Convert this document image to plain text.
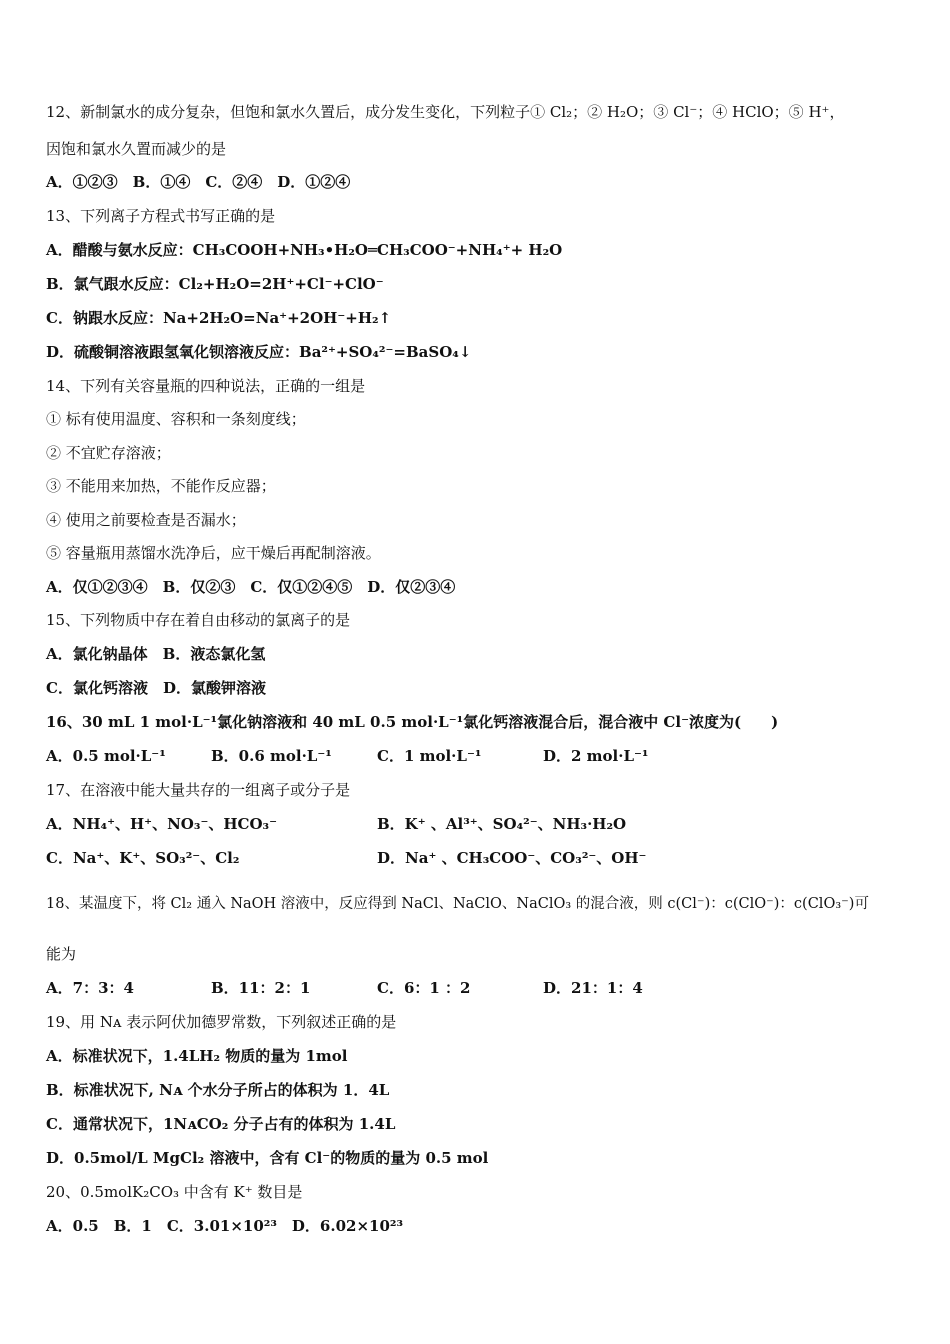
12、新制氯水的成分复杂，但饱和氯水久置后，成分发生变化，下列粒子① Cl₂；② H₂O；③ Cl⁻；④ HClO；⑤ H⁺，
因饱和氯水久置而减少的是
A．①②③　B．①④　C．②④　D．①②④
13、下列离子方程式书写正确的是
A．醋酸与氨水反应：CH₃COOH+NH₃•H₂O═CH₃COO⁻+NH₄⁺+ H₂O
B．氯气跟水反应：Cl₂+H₂O=2H⁺+Cl⁻+ClO⁻
C．钠跟水反应：Na+2H₂O=Na⁺+2OH⁻+H₂↑
D．硫酸铜溶液跟氢氧化钡溶液反应：Ba²⁺+SO₄²⁻=BaSO₄↓
14、下列有关容量瓶的四种说法，正确的一组是
① 标有使用温度、容积和一条刻度线；
② 不宜贮存溶液；
③ 不能用来加热，不能作反应器；
④ 使用之前要检查是否漏水；
⑤ 容量瓶用蒸馏水洗净后，应干燥后再配制溶液。
A．仅①②③④　B．仅②③　C．仅①②④⑤　D．仅②③④
15、下列物质中存在着自由移动的氯离子的是
A．氯化钠晶体　B．液态氯化氢
C．氯化钙溶液　D．氯酸钾溶液
16、30 mL 1 mol·L⁻¹氯化钠溶液和 40 mL 0.5 mol·L⁻¹氯化钙溶液混合后，混合液中 Cl⁻浓度为(　　)
A．0.5 mol·L⁻¹	B．0.6 mol·L⁻¹	C．1 mol·L⁻¹	D．2 mol·L⁻¹
17、在溶液中能大量共存的一组离子或分子是
A．NH₄⁺、H⁺、NO₃⁻、HCO₃⁻	B．K⁺ 、Al³⁺、SO₄²⁻、NH₃·H₂O
C．Na⁺、K⁺、SO₃²⁻、Cl₂	D．Na⁺ 、CH₃COO⁻、CO₃²⁻、OH⁻
18、某温度下，将 Cl₂ 通入 NaOH 溶液中，反应得到 NaCl、NaClO、NaClO₃ 的混合液，则 c(Cl⁻)：c(ClO⁻)：c(ClO₃⁻)可
能为
A．7：3：4	B．11：2：1	C．6：1 ：2	D．21：1：4
19、用 Nᴀ 表示阿伏加德罗常数，下列叙述正确的是
A．标准状况下，1.4LH₂ 物质的量为 1mol
B．标准状况下, Nᴀ 个水分子所占的体积为 1．4L
C．通常状况下，1NᴀCO₂ 分子占有的体积为 1.4L
D．0.5mol/L MgCl₂ 溶液中，含有 Cl⁻的物质的量为 0.5 mol
20、0.5molK₂CO₃ 中含有 K⁺ 数目是
A．0.5　B．1　C．3.01×10²³　D．6.02×10²³
